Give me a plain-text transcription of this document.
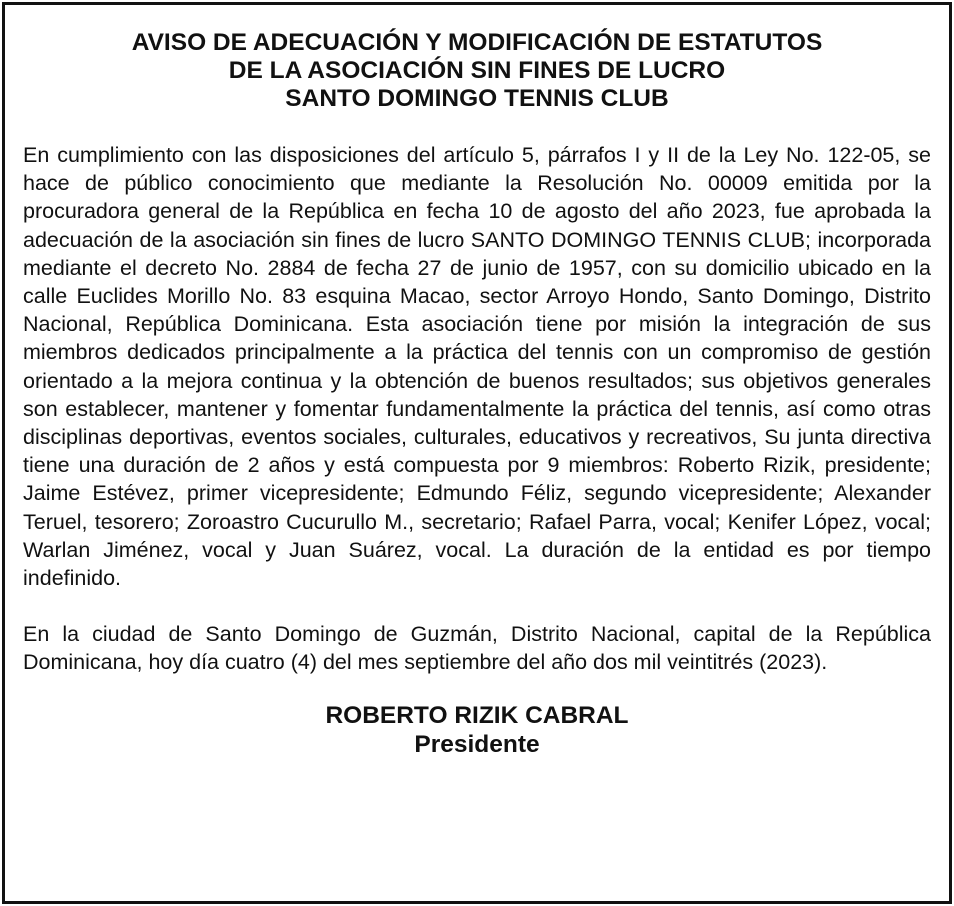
AVISO DE ADECUACIÓN Y MODIFICACIÓN DE ESTATUTOS
DE LA ASOCIACIÓN SIN FINES DE LUCRO
SANTO DOMINGO TENNIS CLUB

En cumplimiento con las disposiciones del artículo 5, párrafos I y II de la Ley No. 122-05, se hace de público conocimiento que mediante la Resolución No. 00009 emitida por la procuradora general de la República en fecha 10 de agosto del año 2023, fue aprobada la adecuación de la asociación sin fines de lucro SANTO DOMINGO TENNIS CLUB; incorporada mediante el decreto No. 2884 de fecha 27 de junio de 1957, con su domicilio ubicado en la calle Euclides Morillo No. 83 esquina Macao, sector Arroyo Hondo, Santo Domingo, Distrito Nacional, República Dominicana. Esta asociación tiene por misión la integración de sus miembros dedicados principalmente a la práctica del tennis con un compromiso de gestión orientado a la mejora continua y la obtención de buenos resultados; sus objetivos generales son establecer, mantener y fomentar fundamentalmente la práctica del tennis, así como otras disciplinas deportivas, eventos sociales, culturales, educativos y recreativos, Su junta directiva tiene una duración de 2 años y está compuesta por 9 miembros: Roberto Rizik, presidente; Jaime Estévez, primer vicepresidente; Edmundo Féliz, segundo vicepresidente; Alexander Teruel, tesorero; Zoroastro Cucurullo M., secretario; Rafael Parra, vocal; Kenifer López, vocal; Warlan Jiménez, vocal y Juan Suárez, vocal. La duración de la entidad es por tiempo indefinido.

En la ciudad de Santo Domingo de Guzmán, Distrito Nacional, capital de la República Dominicana, hoy día cuatro (4) del mes septiembre del año dos mil veintitrés (2023).

ROBERTO RIZIK CABRAL
Presidente
